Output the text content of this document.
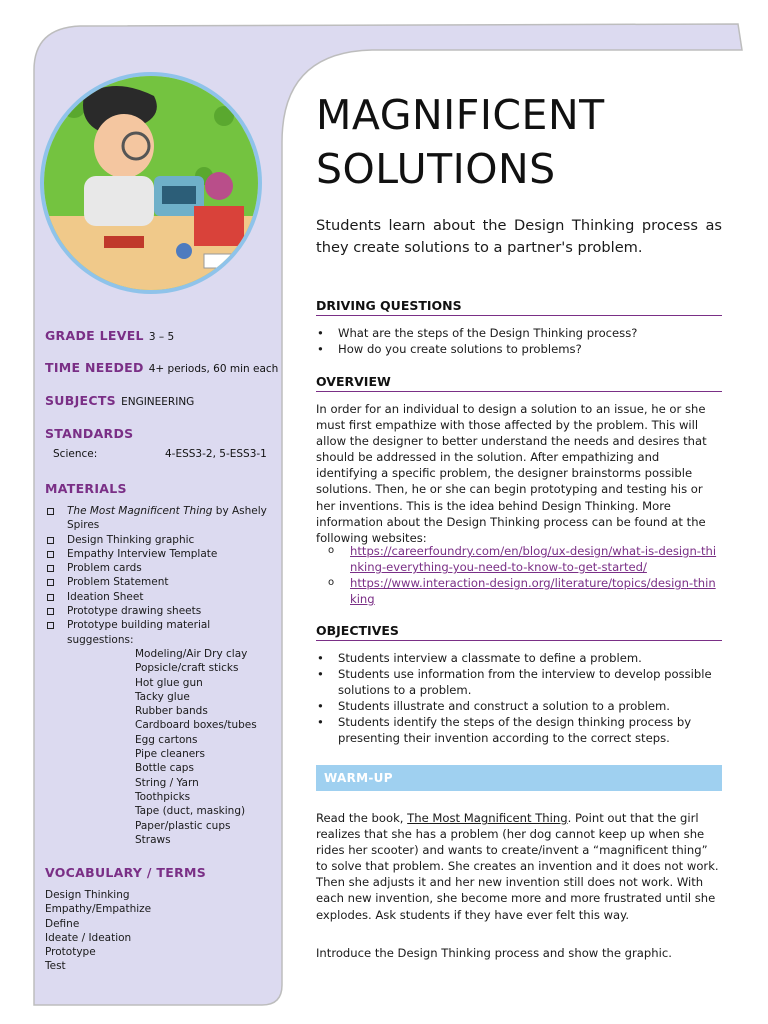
GRADE LEVEL 3 – 5
TIME NEEDED 4+ periods, 60 min each
SUBJECTS ENGINEERING
STANDARDS
Science:	4-ESS3-2, 5-ESS3-1
MATERIALS
The Most Magnificent Thing by Ashely Spires
Design Thinking graphic
Empathy Interview Template
Problem cards
Problem Statement
Ideation Sheet
Prototype drawing sheets
Prototype building material suggestions:
Modeling/Air Dry clay
Popsicle/craft sticks
Hot glue gun
Tacky glue
Rubber bands
Cardboard boxes/tubes
Egg cartons
Pipe cleaners
Bottle caps
String / Yarn
Toothpicks
Tape (duct, masking)
Paper/plastic cups
Straws
VOCABULARY / TERMS
Design Thinking
Empathy/Empathize
Define
Ideate / Ideation
Prototype
Test
MAGNIFICENT
SOLUTIONS

Students learn about the Design Thinking process as they create solutions to a partner's problem.

DRIVING QUESTIONS
• What are the steps of the Design Thinking process?
• How do you create solutions to problems?
OVERVIEW

In order for an individual to design a solution to an issue, he or she must first empathize with those affected by the problem. This will allow the designer to better understand the needs and desires that should be addressed in the solution. After empathizing and identifying a specific problem, the designer brainstorms possible solutions. Then, he or she can begin prototyping and testing his or her inventions. This is the idea behind Design Thinking. More information about the Design Thinking process can be found at the following websites:

o https://careerfoundry.com/en/blog/ux-design/what-is-design-thinking-everything-you-need-to-know-to-get-started/
o https://www.interaction-design.org/literature/topics/design-thinking
OBJECTIVES
• Students interview a classmate to define a problem.
• Students use information from the interview to develop possible solutions to a problem.
• Students illustrate and construct a solution to a problem.
• Students identify the steps of the design thinking process by presenting their invention according to the correct steps.
WARM-UP

Read the book, The Most Magnificent Thing. Point out that the girl realizes that she has a problem (her dog cannot keep up when she rides her scooter) and wants to create/invent a “magnificent thing” to solve that problem. She creates an invention and it does not work. Then she adjusts it and her new invention still does not work. With each new invention, she become more and more frustrated until she explodes. Ask students if they have ever felt this way.

Introduce the Design Thinking process and show the graphic.
